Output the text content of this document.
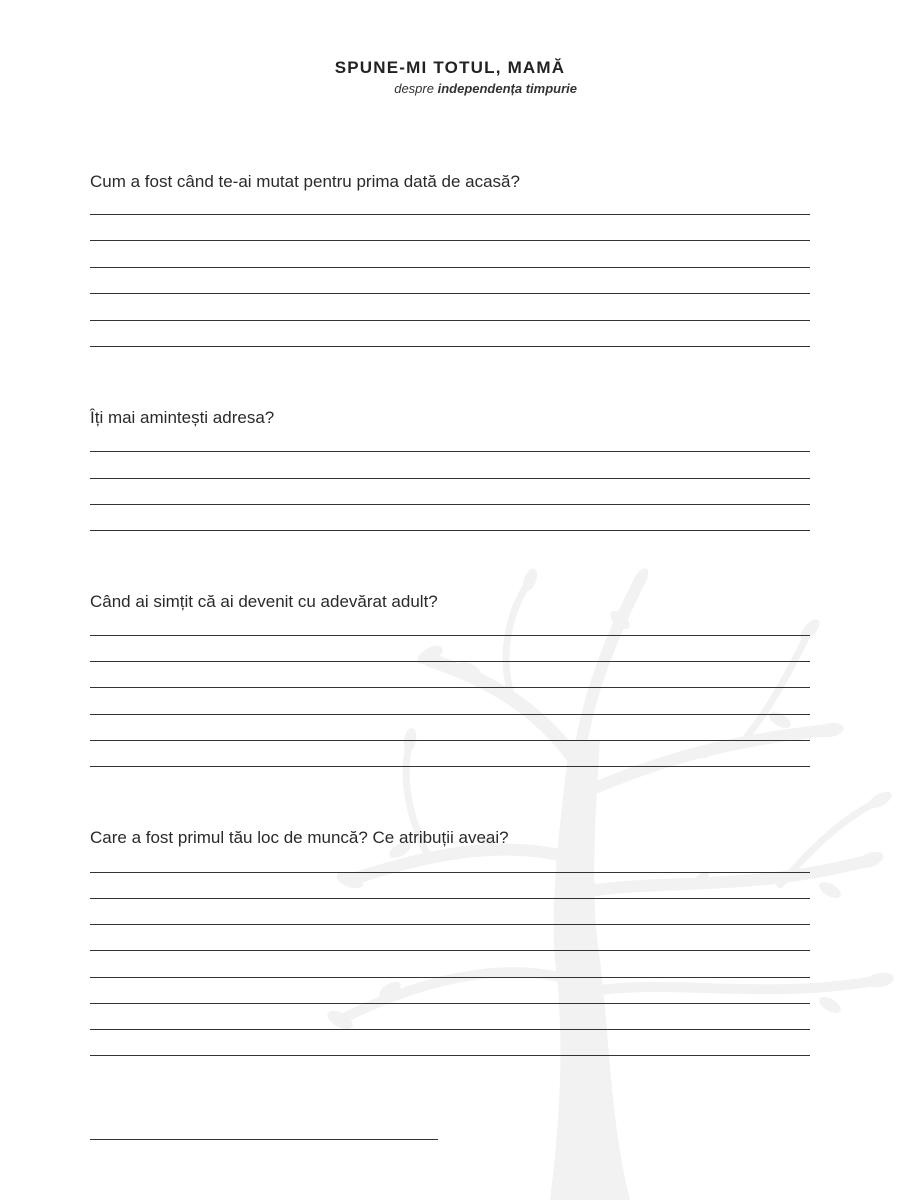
SPUNE-MI TOTUL, MAMĂ
despre independența timpurie
Cum a fost când te-ai mutat pentru prima dată de acasă?
Îți mai amintești adresa?
Când ai simțit că ai devenit cu adevărat adult?
Care a fost primul tău loc de muncă? Ce atribuții aveai?
